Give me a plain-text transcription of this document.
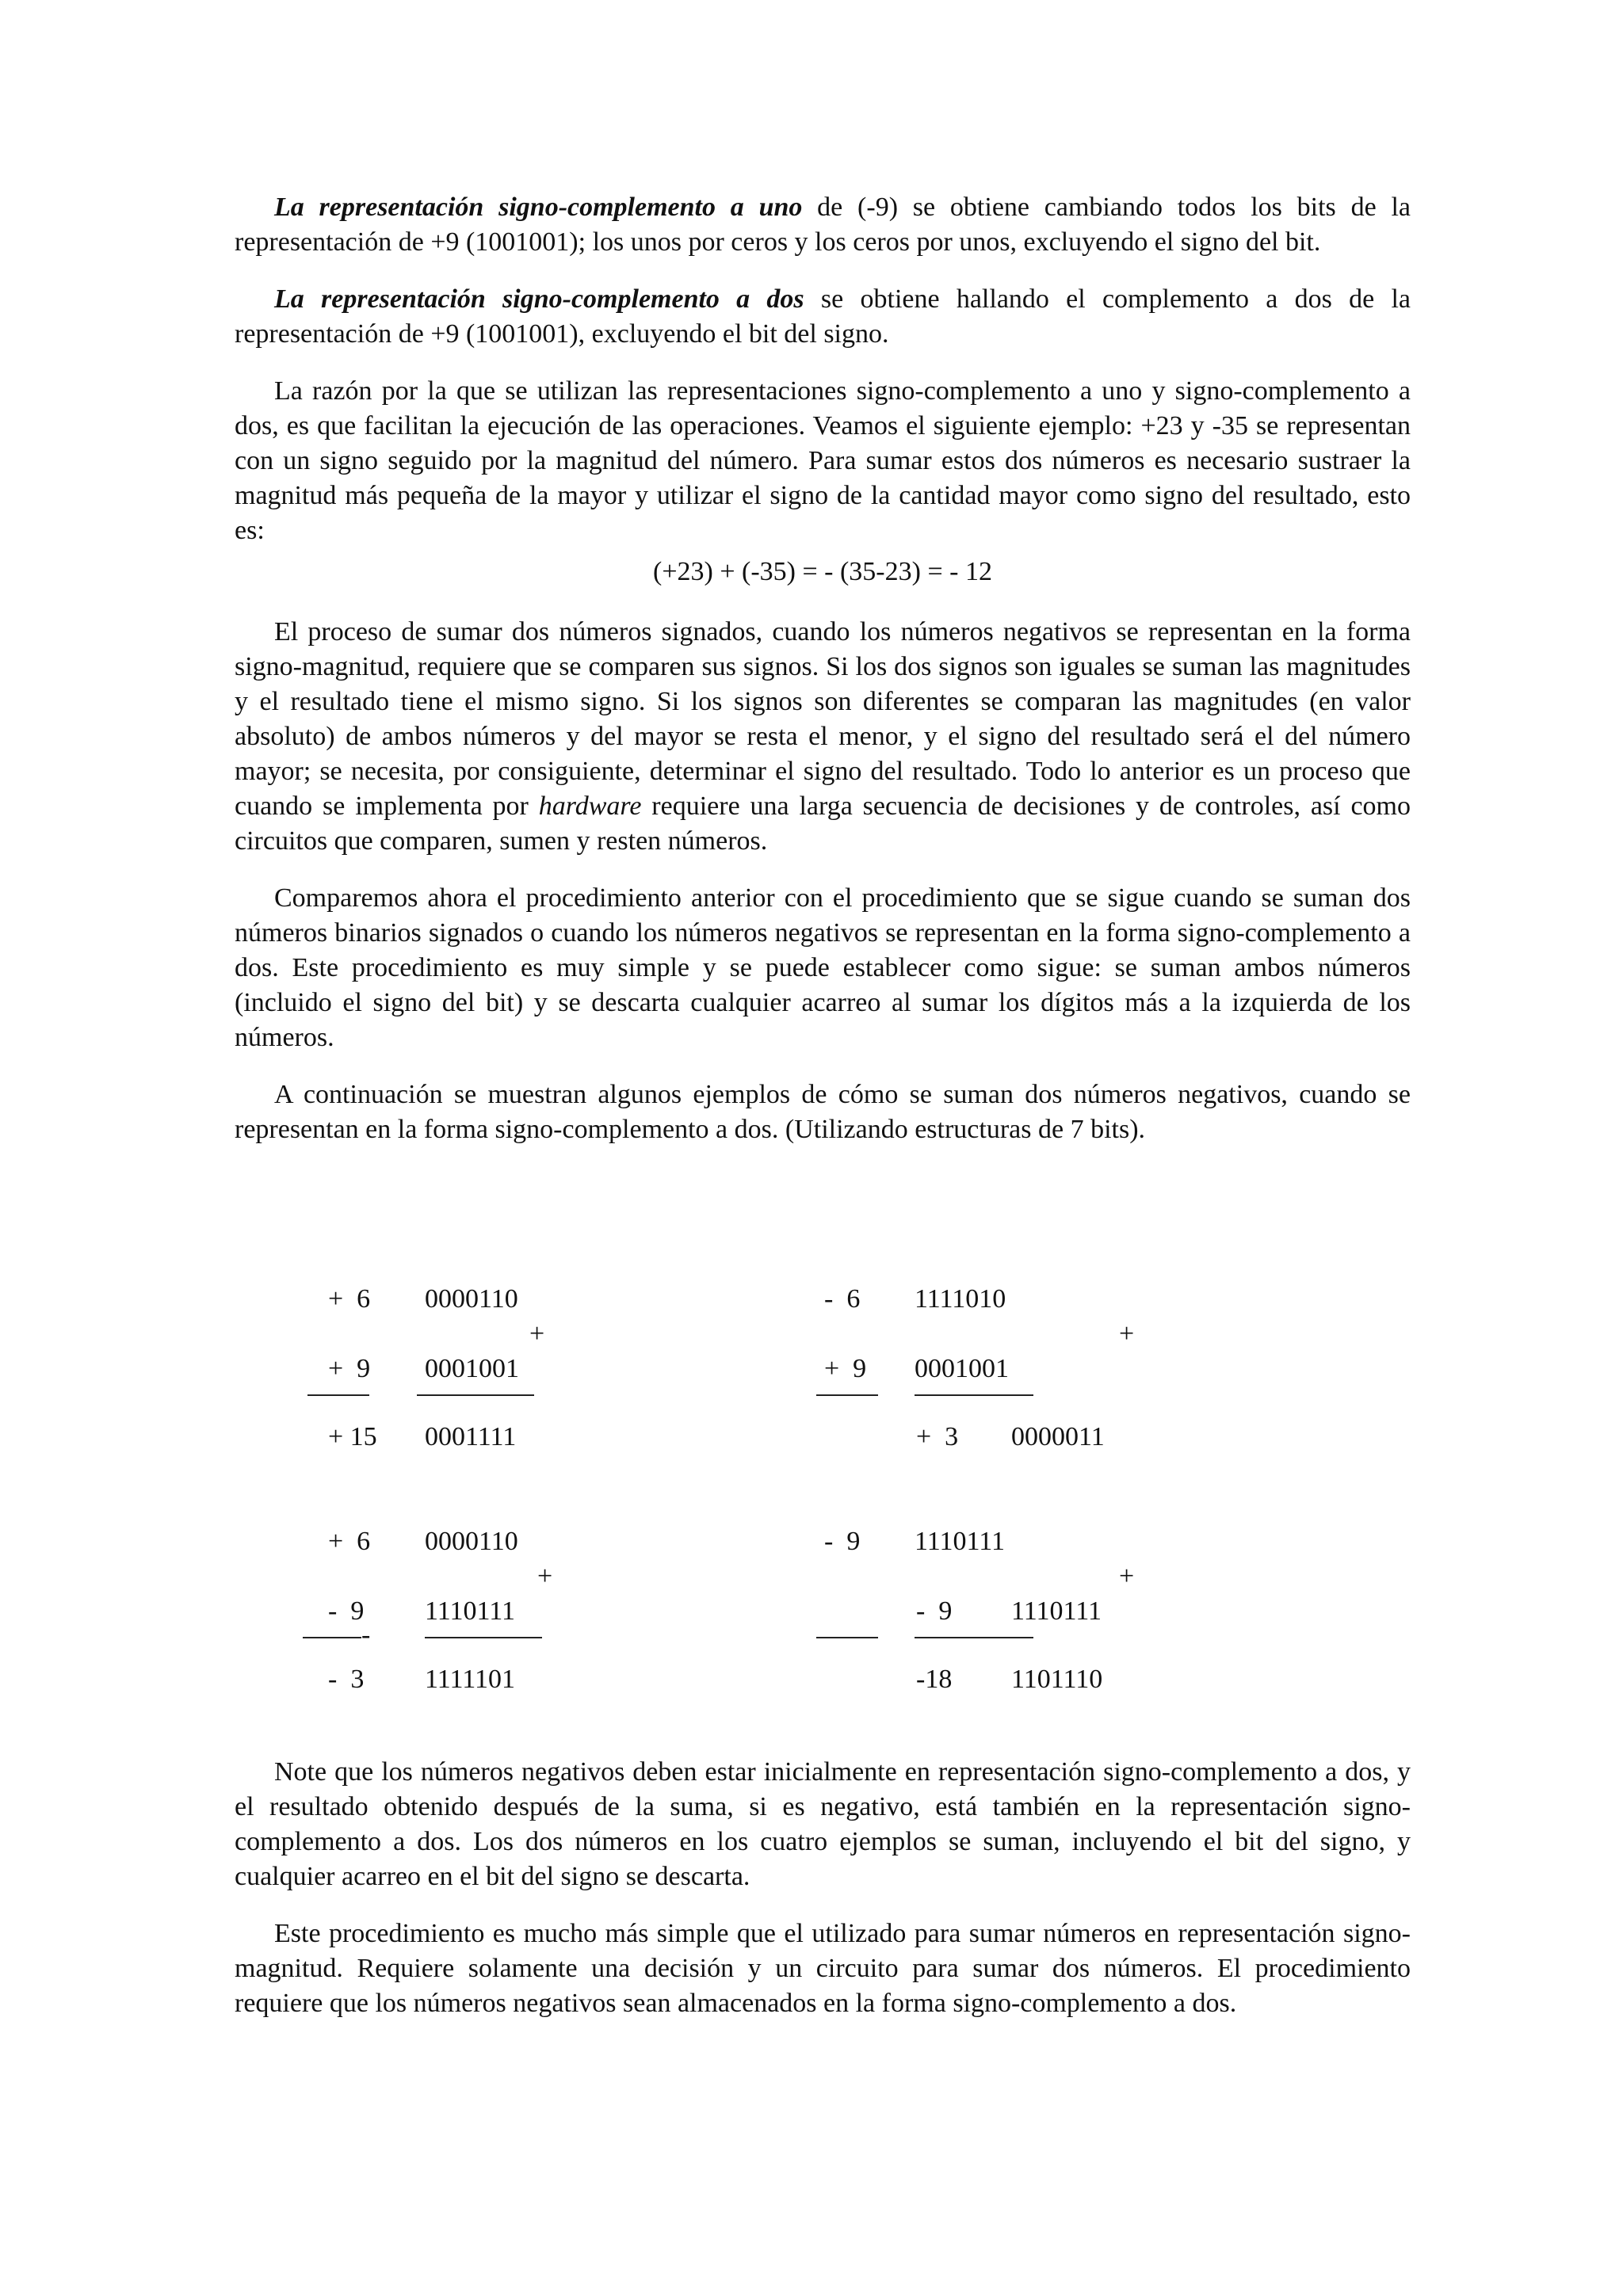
La representación signo-complemento a uno de (-9) se obtiene cambiando todos los bits de la representación de +9 (1001001); los unos por ceros y los ceros por unos, excluyendo el signo del bit.

La representación signo-complemento a dos se obtiene hallando el complemento a dos de la representación de +9 (1001001), excluyendo el bit del signo.

La razón por la que se utilizan las representaciones signo-complemento a uno y signo-complemento a dos, es que facilitan la ejecución de las operaciones. Veamos el siguiente ejemplo: +23 y -35 se representan con un signo seguido por la magnitud del número. Para sumar estos dos números es necesario sustraer la magnitud más pequeña de la mayor y utilizar el signo de la cantidad mayor como signo del resultado, esto es:

(+23) + (-35) = - (35-23) = - 12

El proceso de sumar dos números signados, cuando los números negativos se representan en la forma signo-magnitud, requiere que se comparen sus signos. Si los dos signos son iguales se suman las magnitudes y el resultado tiene el mismo signo. Si los signos son diferentes se comparan las magnitudes (en valor absoluto) de ambos números y del mayor se resta el menor, y el signo del resultado será el del número mayor; se necesita, por consiguiente, determinar el signo del resultado. Todo lo anterior es un proceso que cuando se implementa por hardware requiere una larga secuencia de decisiones y de controles, así como circuitos que comparen, sumen y resten números.

Comparemos ahora el procedimiento anterior con el procedimiento que se sigue cuando se suman dos números binarios signados o cuando los números negativos se representan en la forma signo-complemento a dos. Este procedimiento es muy simple y se puede establecer como sigue: se suman ambos números (incluido el signo del bit) y se descarta cualquier acarreo al sumar los dígitos más a la izquierda de los números.

A continuación se muestran algunos ejemplos de cómo se suman dos números negativos, cuando se representan en la forma signo-complemento a dos. (Utilizando estructuras de 7 bits).

+  6 0000110
+
+  9 0001001
+ 15 0001111
-  6 1111010
+
+  9 0001001
+  3 0000011
+  6 0000110
+
-  9 1110111
-
-  3 1111101
-  9 1110111
+
-  9 1110111
-18 1101110

Note que los números negativos deben estar inicialmente en representación signo-complemento a dos, y el resultado obtenido después de la suma, si es negativo, está también en la representación signo-complemento a dos. Los dos números en los cuatro ejemplos se suman, incluyendo el bit del signo, y cualquier acarreo en el bit del signo se descarta.

Este procedimiento es mucho más simple que el utilizado para sumar números en representación signo-magnitud. Requiere solamente una decisión y un circuito para sumar dos números. El procedimiento requiere que los números negativos sean almacenados en la forma signo-complemento a dos.
